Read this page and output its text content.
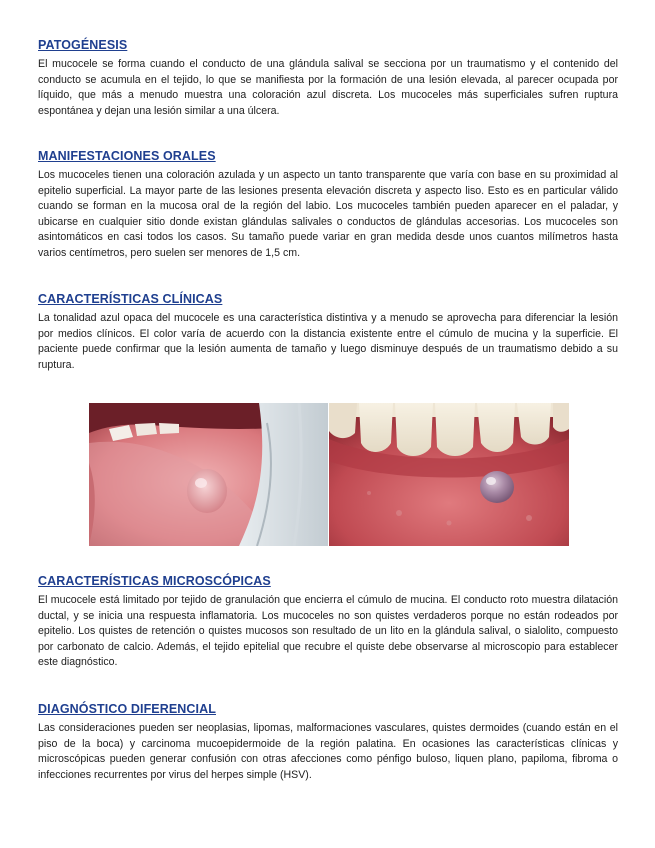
PATOGÉNESIS

El mucocele se forma cuando el conducto de una glándula salival se secciona por un traumatismo y el contenido del conducto se acumula en el tejido, lo que se manifiesta por la formación de una lesión elevada, al parecer ocupada por líquido, que más a menudo muestra una coloración azul discreta. Los mucoceles más superficiales sufren ruptura espontánea y dejan una lesión similar a una úlcera.

MANIFESTACIONES ORALES

Los mucoceles tienen una coloración azulada y un aspecto un tanto transparente que varía con base en su proximidad al epitelio superficial. La mayor parte de las lesiones presenta elevación discreta y aspecto liso. Esto es en particular válido cuando se forman en la mucosa oral de la región del labio. Los mucoceles también pueden aparecer en el paladar, y ubicarse en cualquier sitio donde existan glándulas salivales o conductos de glándulas accesorias. Los mucoceles son asintomáticos en casi todos los casos. Su tamaño puede variar en gran medida desde unos cuantos milímetros hasta varios centímetros, pero suelen ser menores de 1,5 cm.

CARACTERÍSTICAS CLÍNICAS

La tonalidad azul opaca del mucocele es una característica distintiva y a menudo se aprovecha para diferenciar la lesión por medios clínicos. El color varía de acuerdo con la distancia existente entre el cúmulo de mucina y la superficie. El paciente puede confirmar que la lesión aumenta de tamaño y luego disminuye después de un traumatismo debido a su ruptura.

CARACTERÍSTICAS MICROSCÓPICAS

El mucocele está limitado por tejido de granulación que encierra el cúmulo de mucina. El conducto roto muestra dilatación ductal, y se inicia una respuesta inflamatoria. Los mucoceles no son quistes verdaderos porque no están rodeados por epitelio. Los quistes de retención o quistes mucosos son resultado de un lito en la glándula salival, o sialolito, compuesto por carbonato de calcio. Además, el tejido epitelial que recubre el quiste debe observarse al microscopio para establecer este diagnóstico.

DIAGNÓSTICO DIFERENCIAL

Las consideraciones pueden ser neoplasias, lipomas, malformaciones vasculares, quistes dermoides (cuando están en el piso de la boca) y carcinoma mucoepidermoide de la región palatina. En ocasiones las características clínicas y microscópicas pueden generar confusión con otras afecciones como pénfigo buloso, liquen plano, papiloma, fibroma o infecciones recurrentes por virus del herpes simple (HSV).
